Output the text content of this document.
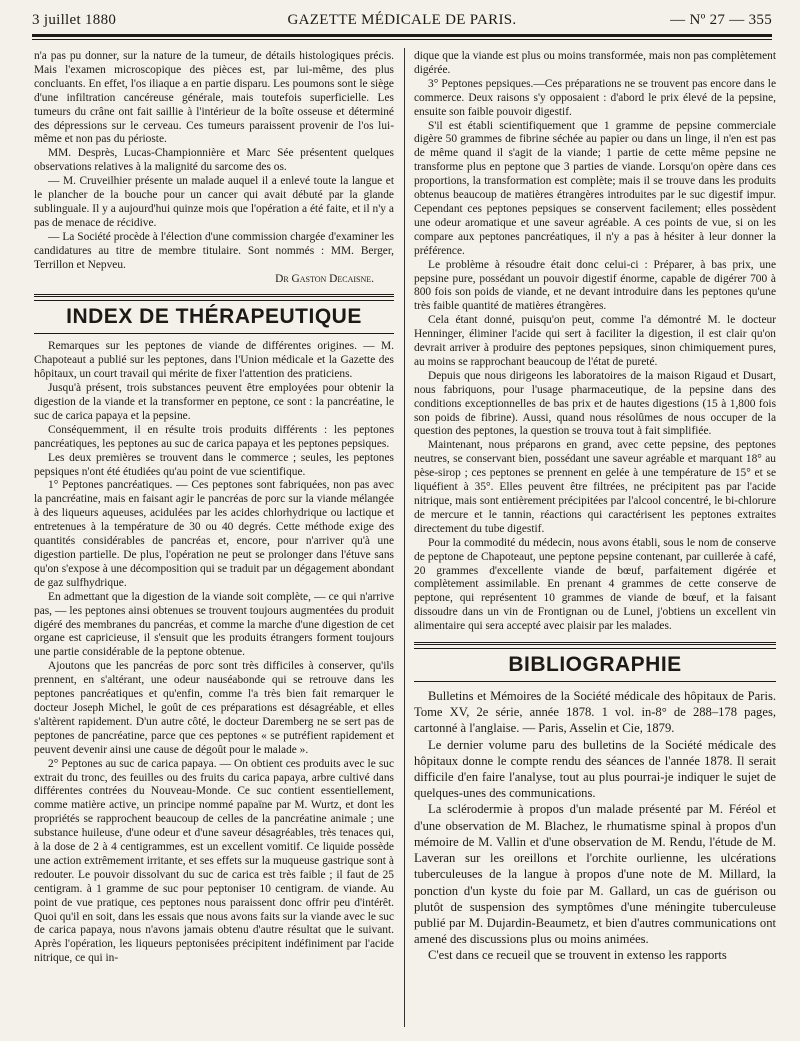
3 juillet 1880	GAZETTE MÉDICALE DE PARIS.	— Nº 27 — 355

n'a pas pu donner, sur la nature de la tumeur, de détails histologiques précis. Mais l'examen microscopique des pièces est, par lui-même, des plus concluants. En effet, l'os iliaque a en partie disparu. Les poumons sont le siège d'une infiltration cancéreuse générale, mais toutefois superficielle. Les tumeurs du crâne ont fait saillie à l'intérieur de la boîte osseuse et déterminé des dépressions sur le cerveau. Ces tumeurs paraissent provenir de l'os lui-même et non pas du périoste.

MM. Desprès, Lucas-Championnière et Marc Sée présentent quelques observations relatives à la malignité du sarcome des os.

— M. Cruveilhier présente un malade auquel il a enlevé toute la langue et le plancher de la bouche pour un cancer qui avait débuté par la glande sublinguale. Il y a aujourd'hui quinze mois que l'opération a été faite, et il n'y a pas de menace de récidive.

— La Société procède à l'élection d'une commission chargée d'examiner les candidatures au titre de membre titulaire. Sont nommés : MM. Berger, Terrillon et Nepveu.

Dr Gaston Decaisne.

INDEX DE THÉRAPEUTIQUE

Remarques sur les peptones de viande de différentes origines. — M. Chapoteaut a publié sur les peptones, dans l'Union médicale et la Gazette des hôpitaux, un court travail qui mérite de fixer l'attention des praticiens.

Jusqu'à présent, trois substances peuvent être employées pour obtenir la digestion de la viande et la transformer en peptone, ce sont : la pancréatine, le suc de carica papaya et la pepsine.

Conséquemment, il en résulte trois produits différents : les peptones pancréatiques, les peptones au suc de carica papaya et les peptones pepsiques.

Les deux premières se trouvent dans le commerce ; seules, les peptones pepsiques n'ont été étudiées qu'au point de vue scientifique.

1° Peptones pancréatiques. — Ces peptones sont fabriquées, non pas avec la pancréatine, mais en faisant agir le pancréas de porc sur la viande mélangée à des liqueurs aqueuses, acidulées par les acides chlorhydrique ou lactique et entretenues à la température de 30 ou 40 degrés. Cette méthode exige des quantités considérables de pancréas et, encore, pour n'arriver qu'à une digestion partielle. De plus, l'opération ne peut se prolonger dans l'étuve sans qu'on s'expose à une décomposition qui se traduit par un dégagement abondant de gaz sulfhydrique.

En admettant que la digestion de la viande soit complète, — ce qui n'arrive pas, — les peptones ainsi obtenues se trouvent toujours augmentées du produit digéré des membranes du pancréas, et comme la marche d'une digestion de cet organe est capricieuse, il s'ensuit que les produits étrangers forment toujours une partie considérable de la peptone obtenue.

Ajoutons que les pancréas de porc sont très difficiles à conserver, qu'ils prennent, en s'altérant, une odeur nauséabonde qui se retrouve dans les peptones pancréatiques et qu'enfin, comme l'a très bien fait remarquer le docteur Joseph Michel, le goût de ces préparations est désagréable, et elles s'altèrent rapidement. D'un autre côté, le docteur Daremberg ne se sert pas de peptones de pancréatine, parce que ces peptones « se putréfient rapidement et peuvent devenir ainsi une cause de dégoût pour le malade ».

2° Peptones au suc de carica papaya. — On obtient ces produits avec le suc extrait du tronc, des feuilles ou des fruits du carica papaya, arbre cultivé dans différentes contrées du Nouveau-Monde. Ce suc contient essentiellement, comme matière active, un principe nommé papaïne par M. Wurtz, et dont les propriétés se rapprochent beaucoup de celles de la pancréatine animale ; une substance huileuse, d'une odeur et d'une saveur désagréables, très tenaces qui, à la dose de 2 à 4 centigrammes, est un excellent vomitif. Ce liquide possède une action extrêmement irritante, et ses effets sur la muqueuse gastrique sont à redouter. Le pouvoir dissolvant du suc de carica est très faible ; il faut de 25 centigram. à 1 gramme de suc pour peptoniser 10 centigram. de viande. Au point de vue pratique, ces peptones nous paraissent donc offrir peu d'intérêt. Quoi qu'il en soit, dans les essais que nous avons faits sur la viande avec le suc de carica papaya, nous n'avons jamais obtenu d'autre résultat que le suivant. Après l'opération, les liqueurs peptonisées précipitent indéfiniment par l'acide nitrique, ce qui in-

dique que la viande est plus ou moins transformée, mais non pas complètement digérée.

3° Peptones pepsiques.—Ces préparations ne se trouvent pas encore dans le commerce. Deux raisons s'y opposaient : d'abord le prix élevé de la pepsine, ensuite son faible pouvoir digestif.

S'il est établi scientifiquement que 1 gramme de pepsine commerciale digère 50 grammes de fibrine séchée au papier ou dans un linge, il n'en est pas de même quand il s'agit de la viande; 1 partie de cette même pepsine ne transforme plus en peptone que 3 parties de viande. Lorsqu'on opère dans ces proportions, la transformation est complète; mais il se trouve dans les produits obtenus beaucoup de matières étrangères introduites par le suc digestif impur. Cependant ces peptones pepsiques se conservent facilement; elles possèdent une odeur aromatique et une saveur agréable. A ces points de vue, si on les compare aux peptones pancréatiques, il n'y a pas à hésiter à leur donner la préférence.

Le problème à résoudre était donc celui-ci : Préparer, à bas prix, une pepsine pure, possédant un pouvoir digestif énorme, capable de digérer 700 à 800 fois son poids de viande, et ne devant introduire dans les peptones qu'une très faible quantité de matières étrangères.

Cela étant donné, puisqu'on peut, comme l'a démontré M. le docteur Henninger, éliminer l'acide qui sert à faciliter la digestion, il est clair qu'on devrait arriver à produire des peptones pepsiques, sinon chimiquement pures, au moins se rapprochant beaucoup de l'état de pureté.

Depuis que nous dirigeons les laboratoires de la maison Rigaud et Dusart, nous fabriquons, pour l'usage pharmaceutique, de la pepsine dans des conditions exceptionnelles de bas prix et de hautes digestions (15 à 1,800 fois son poids de fibrine). Aussi, quand nous résolûmes de nous occuper de la question des peptones, la question se trouva tout à fait simplifiée.

Maintenant, nous préparons en grand, avec cette pepsine, des peptones neutres, se conservant bien, possédant une saveur agréable et marquant 18° au pèse-sirop ; ces peptones se prennent en gelée à une température de 15° et se liquéfient à 35°. Elles peuvent être filtrées, ne précipitent pas par l'acide nitrique, mais sont entièrement précipitées par l'alcool concentré, le bi-chlorure de mercure et le tannin, réactions qui caractérisent les peptones extraites directement du tube digestif.

Pour la commodité du médecin, nous avons établi, sous le nom de conserve de peptone de Chapoteaut, une peptone pepsine contenant, par cuillerée à café, 20 grammes d'excellente viande de bœuf, parfaitement digérée et complètement assimilable. En prenant 4 grammes de cette conserve de peptone, qui représentent 10 grammes de viande de bœuf, et la faisant dissoudre dans un vin de Frontignan ou de Lunel, j'obtiens un excellent vin alimentaire qui sera accepté avec plaisir par les malades.

BIBLIOGRAPHIE

Bulletins et Mémoires de la Société médicale des hôpitaux de Paris. Tome XV, 2e série, année 1878. 1 vol. in-8° de 288–178 pages, cartonné à l'anglaise. — Paris, Asselin et Cie, 1879.

Le dernier volume paru des bulletins de la Société médicale des hôpitaux donne le compte rendu des séances de l'année 1878. Il serait difficile d'en faire l'analyse, tout au plus pourrai-je indiquer le sujet de quelques-unes des communications.

La sclérodermie à propos d'un malade présenté par M. Féréol et d'une observation de M. Blachez, le rhumatisme spinal à propos d'un mémoire de M. Vallin et d'une observation de M. Rendu, l'étude de M. Laveran sur les oreillons et l'orchite ourlienne, les ulcérations tuberculeuses de la langue à propos d'une note de M. Millard, la ponction d'un kyste du foie par M. Gallard, un cas de guérison ou plutôt de suspension des symptômes d'une méningite tuberculeuse publié par M. Dujardin-Beaumetz, et bien d'autres communications ont amené des discussions plus ou moins animées.

C'est dans ce recueil que se trouvent in extenso les rapports
